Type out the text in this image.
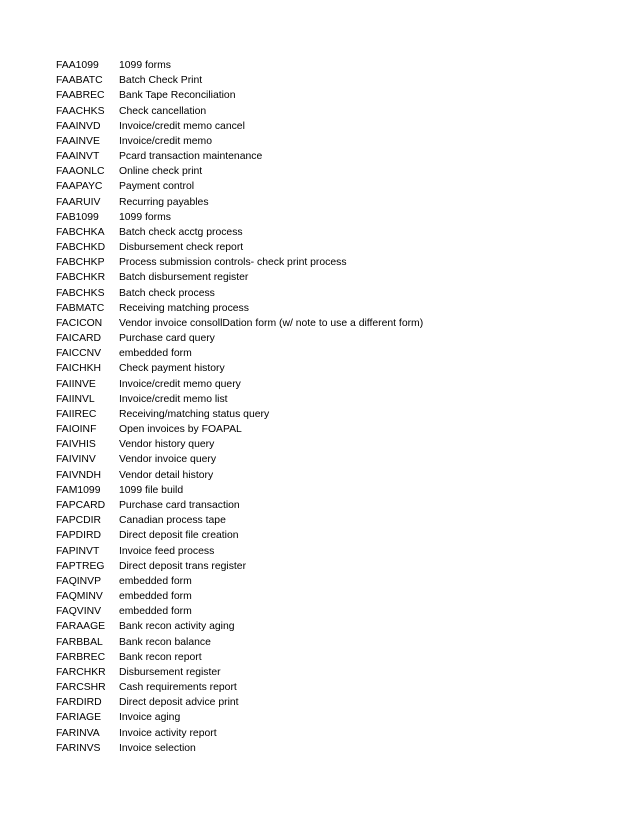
FAA1099	1099 forms
FAABATC	Batch Check Print
FAABREC	Bank Tape Reconciliation
FAACHKS	Check cancellation
FAAINVD	Invoice/credit memo cancel
FAAINVE	Invoice/credit memo
FAAINVT	Pcard transaction maintenance
FAAONLC	Online check print
FAAPAYC	Payment control
FAARUIV	Recurring payables
FAB1099	1099 forms
FABCHKA	Batch check acctg process
FABCHKD	Disbursement check report
FABCHKP	Process submission controls- check print process
FABCHKR	Batch disbursement register
FABCHKS	Batch check process
FABMATC	Receiving matching process
FACICON	Vendor invoice consollDation form (w/ note to use a different form)
FAICARD	Purchase card query
FAICCNV	embedded form
FAICHKH	Check payment history
FAIINVE	Invoice/credit memo query
FAIINVL	Invoice/credit memo list
FAIIREC	Receiving/matching status query
FAIOINF	Open invoices by FOAPAL
FAIVHIS	Vendor history query
FAIVINV	Vendor invoice query
FAIVNDH	Vendor detail history
FAM1099	1099 file build
FAPCARD	Purchase card transaction
FAPCDIR	Canadian process tape
FAPDIRD	Direct deposit file creation
FAPINVT	Invoice feed process
FAPTREG	Direct deposit trans register
FAQINVP	embedded form
FAQMINV	embedded form
FAQVINV	embedded form
FARAAGE	Bank recon activity aging
FARBBAL	Bank recon balance
FARBREC	Bank recon report
FARCHKR	Disbursement register
FARCSHR	Cash requirements report
FARDIRD	Direct deposit advice print
FARIAGE	Invoice aging
FARINVA	Invoice activity report
FARINVS	Invoice selection
